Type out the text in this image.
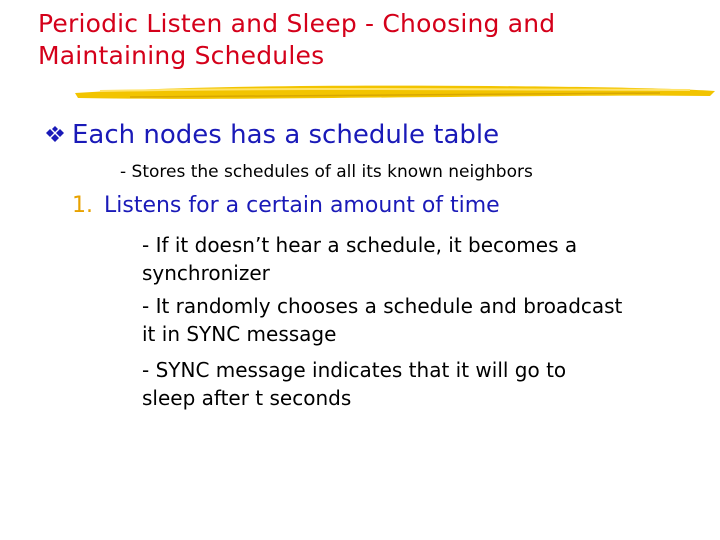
Periodic Listen and Sleep - Choosing and
Maintaining Schedules
Each nodes has a schedule table
- Stores the schedules of all its known neighbors
1. Listens for a certain amount of time
- If it doesn’t hear a schedule, it becomes a
synchronizer
- It randomly chooses a schedule and broadcast
it in SYNC message
- SYNC message indicates that it will go to
sleep after t seconds
